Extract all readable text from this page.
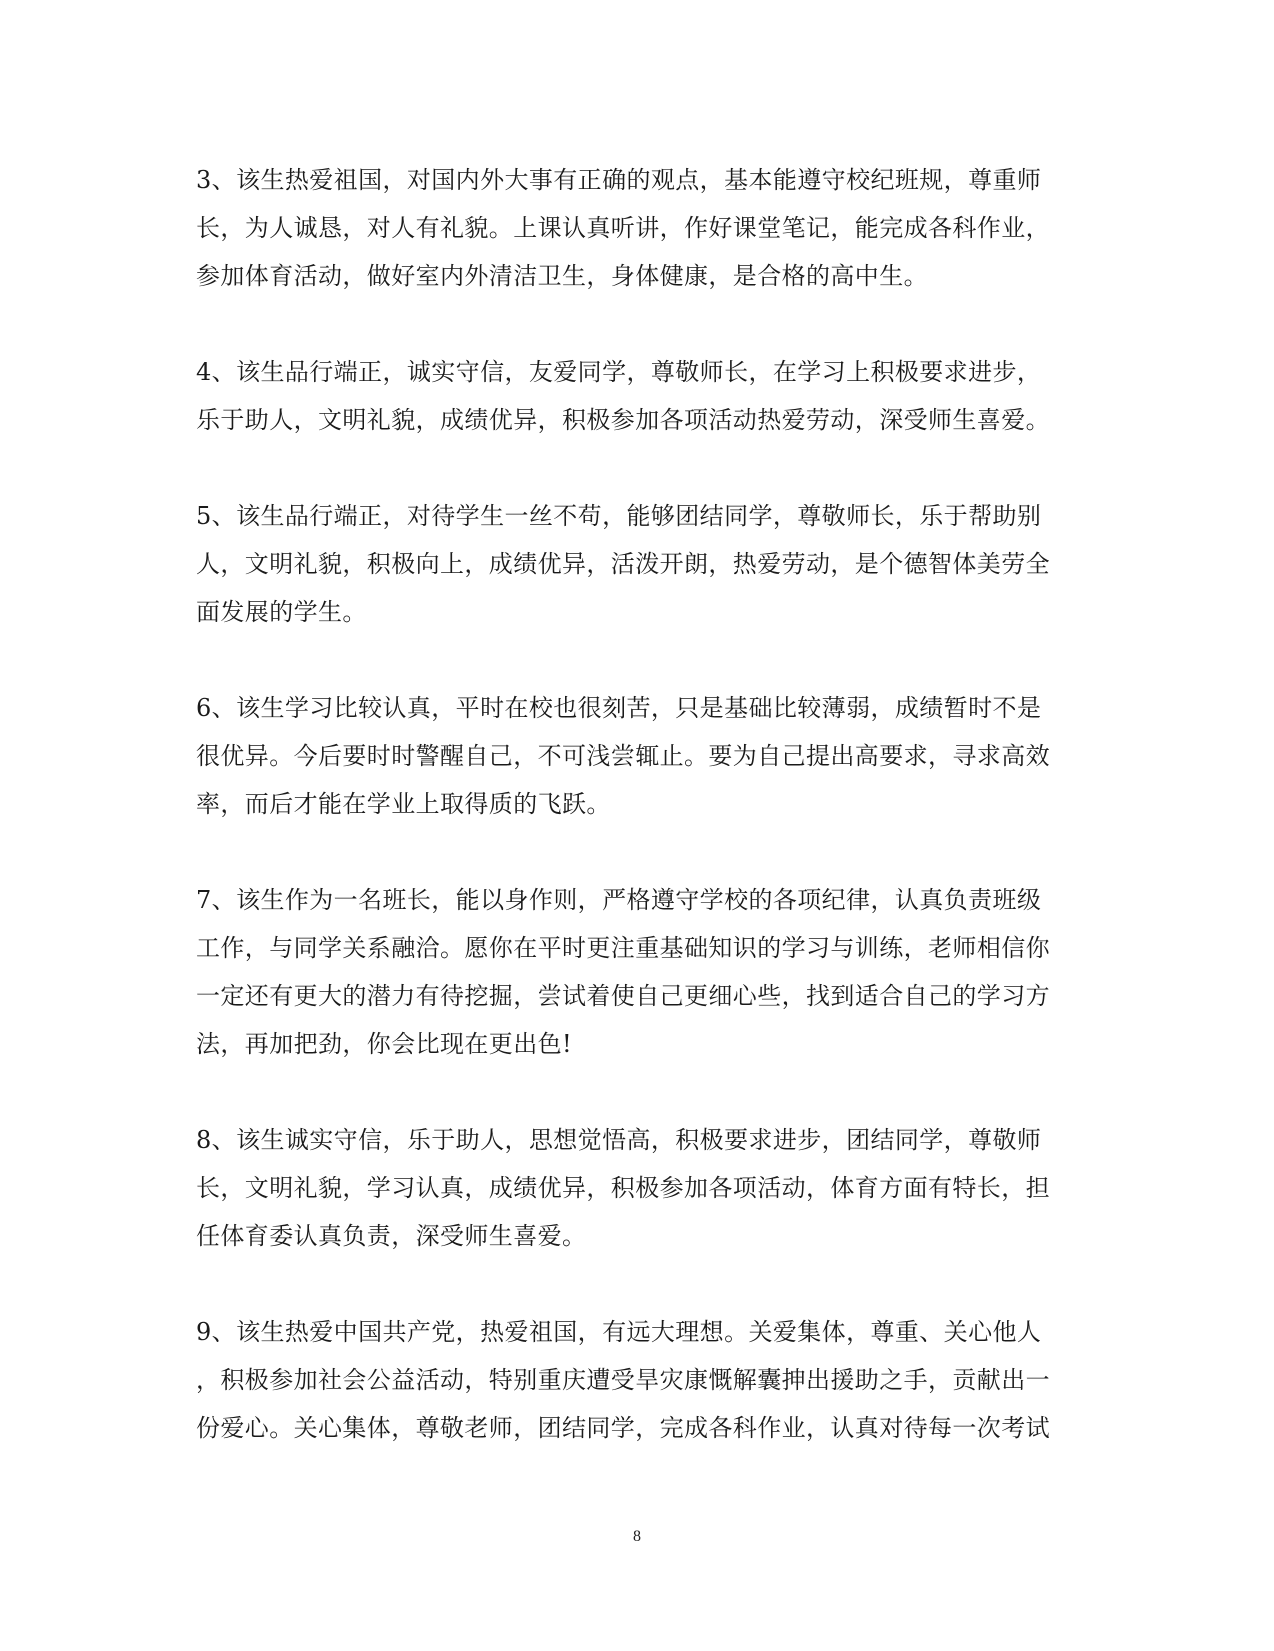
3、该生热爱祖国，对国内外大事有正确的观点，基本能遵守校纪班规，尊重师
长，为人诚恳，对人有礼貌。上课认真听讲，作好课堂笔记，能完成各科作业，
参加体育活动，做好室内外清洁卫生，身体健康，是合格的高中生。

4、该生品行端正，诚实守信，友爱同学，尊敬师长，在学习上积极要求进步，
乐于助人，文明礼貌，成绩优异，积极参加各项活动热爱劳动，深受师生喜爱。

5、该生品行端正，对待学生一丝不苟，能够团结同学，尊敬师长，乐于帮助别
人，文明礼貌，积极向上，成绩优异，活泼开朗，热爱劳动，是个德智体美劳全
面发展的学生。

6、该生学习比较认真，平时在校也很刻苦，只是基础比较薄弱，成绩暂时不是
很优异。今后要时时警醒自己，不可浅尝辄止。要为自己提出高要求，寻求高效
率，而后才能在学业上取得质的飞跃。

7、该生作为一名班长，能以身作则，严格遵守学校的各项纪律，认真负责班级
工作，与同学关系融洽。愿你在平时更注重基础知识的学习与训练，老师相信你
一定还有更大的潜力有待挖掘，尝试着使自己更细心些，找到适合自己的学习方
法，再加把劲，你会比现在更出色!

8、该生诚实守信，乐于助人，思想觉悟高，积极要求进步，团结同学，尊敬师
长，文明礼貌，学习认真，成绩优异，积极参加各项活动，体育方面有特长，担
任体育委认真负责，深受师生喜爱。

9、该生热爱中国共产党，热爱祖国，有远大理想。关爱集体，尊重、关心他人
，积极参加社会公益活动，特别重庆遭受旱灾康慨解囊抻出援助之手，贡献出一
份爱心。关心集体，尊敬老师，团结同学，完成各科作业，认真对待每一次考试

8
